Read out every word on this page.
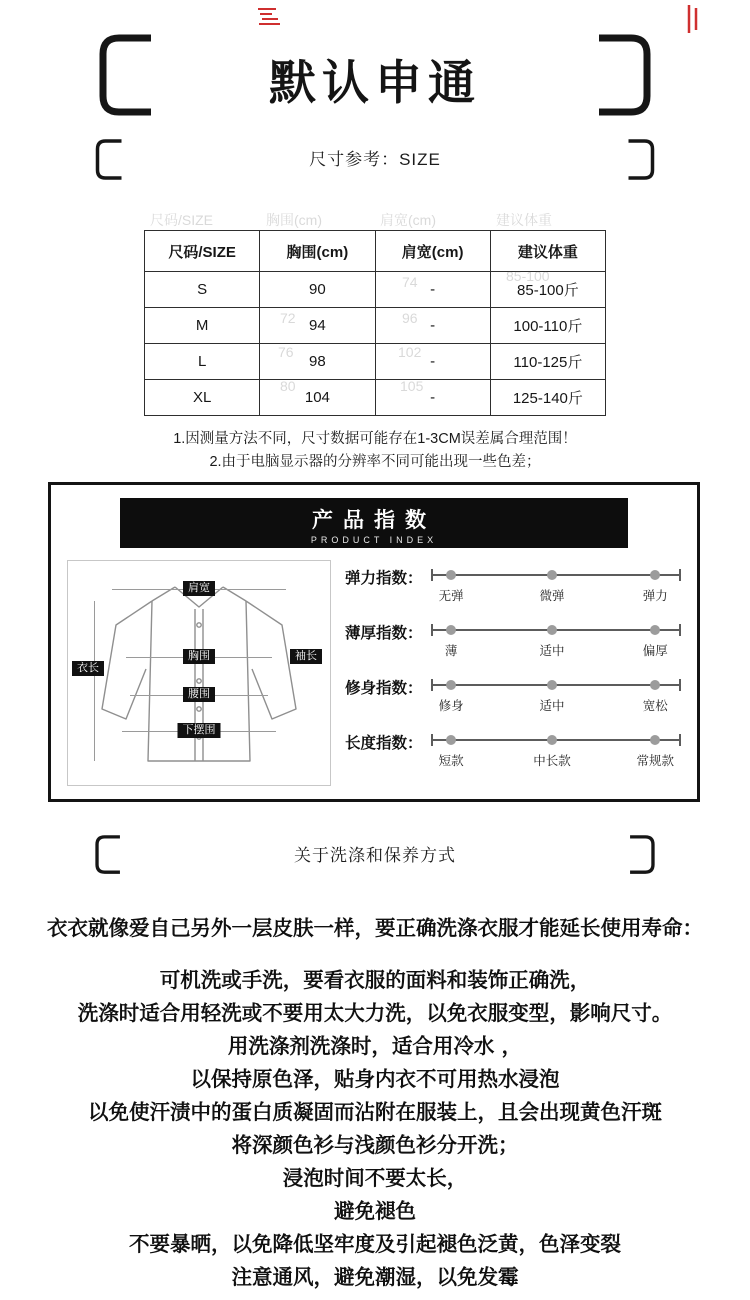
默认申通
尺寸参考：SIZE
尺码/SIZE	胸围(cm)	肩宽(cm)	建议体重
S	90	-	85-100斤
M	94	-	100-110斤
L	98	-	110-125斤
XL	104	-	125-140斤
尺码/SIZE	胸围(cm)	肩宽(cm)	建议体重
74	85-100
72	96
76	102
80	105
1.因测量方法不同，尺寸数据可能存在1-3CM误差属合理范围！
2.由于电脑显示器的分辨率不同可能出现一些色差；
产品指数
PRODUCT INDEX
肩宽
衣长
胸围	袖长
腰围
下摆围
弹力指数：
无弹	微弹	弹力
薄厚指数：
薄	适中	偏厚
修身指数：
修身	适中	宽松
长度指数：
短款	中长款	常规款
关于洗涤和保养方式
衣衣就像爱自己另外一层皮肤一样，要正确洗涤衣服才能延长使用寿命：
可机洗或手洗，要看衣服的面料和装饰正确洗，
洗涤时适合用轻洗或不要用太大力洗，以免衣服变型，影响尺寸。
用洗涤剂洗涤时，适合用冷水 ，
以保持原色泽，贴身内衣不可用热水浸泡
以免使汗渍中的蛋白质凝固而沾附在服装上，且会出现黄色汗斑
将深颜色衫与浅颜色衫分开洗；
浸泡时间不要太长，
避免褪色
不要暴晒，以免降低坚牢度及引起褪色泛黄，色泽变裂
注意通风，避免潮湿，以免发霉
